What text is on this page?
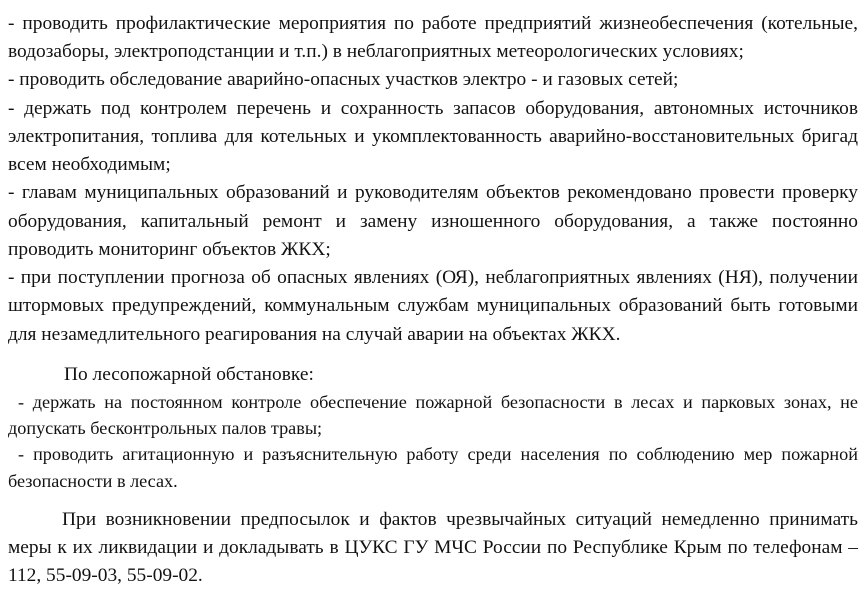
- проводить профилактические мероприятия по работе предприятий жизнеобеспечения (котельные, водозаборы, электроподстанции и т.п.) в неблагоприятных метеорологических условиях;

- проводить обследование аварийно-опасных участков электро - и газовых сетей;

- держать под контролем перечень и сохранность запасов оборудования, автономных источников электропитания, топлива для котельных и укомплектованность аварийно-восстановительных бригад всем необходимым;

- главам муниципальных образований и руководителям объектов рекомендовано провести проверку оборудования, капитальный ремонт и замену изношенного оборудования, а также постоянно проводить мониторинг объектов ЖКХ;

- при поступлении прогноза об опасных явлениях (ОЯ), неблагоприятных явлениях (НЯ), получении штормовых предупреждений, коммунальным службам муниципальных образований быть готовыми для незамедлительного реагирования на случай аварии на объектах ЖКХ.

По лесопожарной обстановке:

- держать на постоянном контроле обеспечение пожарной безопасности в лесах и парковых зонах, не допускать бесконтрольных палов травы;

- проводить агитационную и разъяснительную работу среди населения по соблюдению мер пожарной безопасности в лесах.

При возникновении предпосылок и фактов чрезвычайных ситуаций немедленно принимать меры к их ликвидации и докладывать в ЦУКС ГУ МЧС России по Республике Крым по телефонам – 112, 55-09-03, 55-09-02.
